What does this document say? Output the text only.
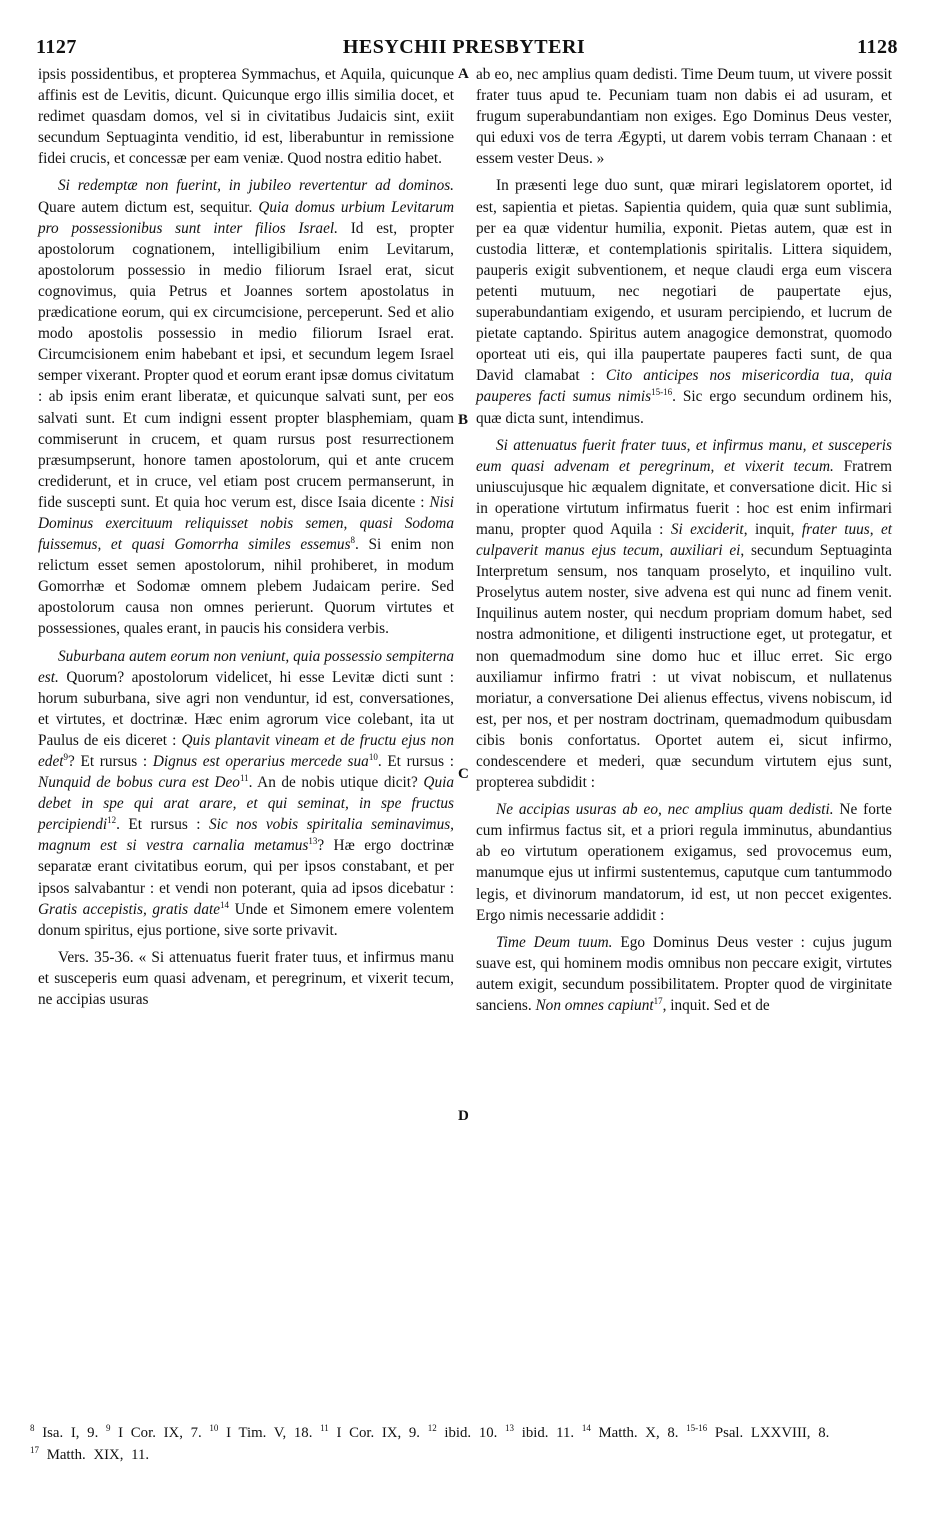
1127	HESYCHII PRESBYTERI	1128

ipsis possidentibus, et propterea Symmachus, et Aquila, quicunque affinis est de Levitis, dicunt. Quicunque ergo illis similia docet, et redimet quasdam domos, vel si in civitatibus Judaicis sint, exiit secundum Septuaginta venditio, id est, liberabuntur in remissione fidei crucis, et concessæ per eam veniæ. Quod nostra editio habet.

Si redemptæ non fuerint, in jubileo revertentur ad dominos. Quare autem dictum est, sequitur. Quia domus urbium Levitarum pro possessionibus sunt inter filios Israel. Id est, propter apostolorum cognationem, intelligibilium enim Levitarum, apostolorum possessio in medio filiorum Israel erat, sicut cognovimus, quia Petrus et Joannes sortem apostolatus in prædicatione eorum, qui ex circumcisione, perceperunt. Sed et alio modo apostolis possessio in medio filiorum Israel erat. Circumcisionem enim habebant et ipsi, et secundum legem Israel semper vixerant. Propter quod et eorum erant ipsæ domus civitatum : ab ipsis enim erant liberatæ, et quicunque salvati sunt, per eos salvati sunt. Et cum indigni essent propter blasphemiam, quam commiserunt in crucem, et quam rursus post resurrectionem præsumpserunt, honore tamen apostolorum, qui et ante crucem crediderunt, et in cruce, vel etiam post crucem permanserunt, in fide suscepti sunt. Et quia hoc verum est, disce Isaia dicente : Nisi Dominus exercituum reliquisset nobis semen, quasi Sodoma fuissemus, et quasi Gomorrha similes essemus$^8$. Si enim non relictum esset semen apostolorum, nihil prohiberet, in modum Gomorrhæ et Sodomæ omnem plebem Judaicam perire. Sed apostolorum causa non omnes perierunt. Quorum virtutes et possessiones, quales erant, in paucis his considera verbis.

Suburbana autem eorum non veniunt, quia possessio sempiterna est. Quorum? apostolorum videlicet, hi esse Levitæ dicti sunt : horum suburbana, sive agri non venduntur, id est, conversationes, et virtutes, et doctrinæ. Hæc enim agrorum vice colebant, ita ut Paulus de eis diceret : Quis plantavit vineam et de fructu ejus non edet$^9$? Et rursus : Dignus est operarius mercede sua$^{10}$. Et rursus : Nunquid de bobus cura est Deo$^{11}$. An de nobis utique dicit? Quia debet in spe qui arat arare, et qui seminat, in spe fructus percipiendi$^{12}$. Et rursus : Sic nos vobis spiritalia seminavimus, magnum est si vestra carnalia metamus$^{13}$? Hæ ergo doctrinæ separatæ erant civitatibus eorum, qui per ipsos constabant, et per ipsos salvabantur : et vendi non poterant, quia ad ipsos dicebatur : Gratis accepistis, gratis date$^{14}$ Unde et Simonem emere volentem donum spiritus, ejus portione, sive sorte privavit.

Vers. 35-36. « Si attenuatus fuerit frater tuus, et infirmus manu et susceperis eum quasi advenam, et peregrinum, et vixerit tecum, ne accipias usuras

ab eo, nec amplius quam dedisti. Time Deum tuum, ut vivere possit frater tuus apud te. Pecuniam tuam non dabis ei ad usuram, et frugum superabundantiam non exiges. Ego Dominus Deus vester, qui eduxi vos de terra Ægypti, ut darem vobis terram Chanaan : et essem vester Deus. »

In præsenti lege duo sunt, quæ mirari legislatorem oportet, id est, sapientia et pietas. Sapientia quidem, quia quæ sunt sublimia, per ea quæ videntur humilia, exponit. Pietas autem, quæ est in custodia litteræ, et contemplationis spiritalis. Littera siquidem, pauperis exigit subventionem, et neque claudi erga eum viscera petenti mutuum, nec negotiari de paupertate ejus, superabundantiam exigendo, et usuram percipiendo, et lucrum de pietate captando. Spiritus autem anagogice demonstrat, quomodo oporteat uti eis, qui illa paupertate pauperes facti sunt, de qua David clamabat : Cito anticipes nos misericordia tua, quia pauperes facti sumus nimis$^{15-16}$. Sic ergo secundum ordinem his, quæ dicta sunt, intendimus.

Si attenuatus fuerit frater tuus, et infirmus manu, et susceperis eum quasi advenam et peregrinum, et vixerit tecum. Fratrem uniuscujusque hic æqualem dignitate, et conversatione dicit. Hic si in operatione virtutum infirmatus fuerit : hoc est enim infirmari manu, propter quod Aquila : Si exciderit, inquit, frater tuus, et culpaverit manus ejus tecum, auxiliari ei, secundum Septuaginta Interpretum sensum, nos tanquam proselyto, et inquilino vult. Proselytus autem noster, sive advena est qui nunc ad finem venit. Inquilinus autem noster, qui necdum propriam domum habet, sed nostra admonitione, et diligenti instructione eget, ut protegatur, et non quemadmodum sine domo huc et illuc erret. Sic ergo auxiliamur infirmo fratri : ut vivat nobiscum, et nullatenus moriatur, a conversatione Dei alienus effectus, vivens nobiscum, id est, per nos, et per nostram doctrinam, quemadmodum quibusdam cibis bonis confortatus. Oportet autem ei, sicut infirmo, condescendere et mederi, quæ secundum virtutem ejus sunt, propterea subdidit :

Ne accipias usuras ab eo, nec amplius quam dedisti. Ne forte cum infirmus factus sit, et a priori regula imminutus, abundantius ab eo virtutum operationem exigamus, sed provocemus eum, manumque ejus ut infirmi sustentemus, caputque cum tantummodo legis, et divinorum mandatorum, id est, ut non peccet exigentes. Ergo nimis necessarie addidit :

Time Deum tuum. Ego Dominus Deus vester : cujus jugum suave est, qui hominem modis omnibus non peccare exigit, virtutes autem exigit, secundum possibilitatem. Propter quod de virginitate sanciens. Non omnes capiunt$^{17}$, inquit. Sed et de

A
B
C
D
$^8$ Isa. I, 9. $^9$ I Cor. IX, 7. $^{10}$ I Tim. V, 18. $^{11}$ I Cor. IX, 9. $^{12}$ ibid. 10. $^{13}$ ibid. 11. $^{14}$ Matth. X, 8. $^{15-16}$ Psal. LXXVIII, 8. $^{17}$ Matth. XIX, 11.
